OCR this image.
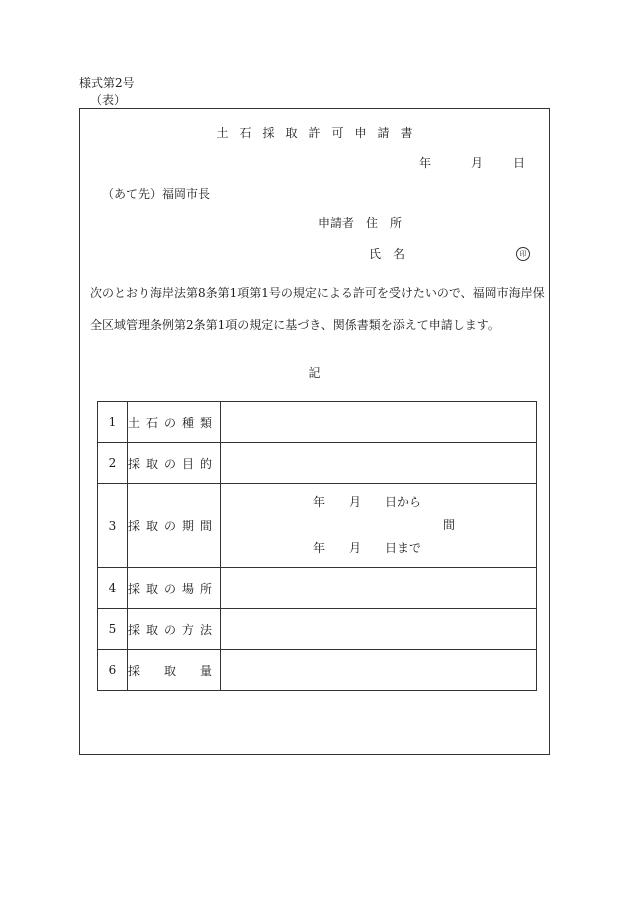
様式第2号
（表）
土石採取許可申請書
年	月	日
（あて先）福岡市長
申請者　住　所
氏　名	印
次のとおり海岸法第8条第1項第1号の規定による許可を受けたいので、福岡市海岸保全区域管理条例第2条第1項の規定に基づき、関係書類を添えて申請します。
記
1	土石の種類	
2	採取の目的	
3	採取の期間	年　　月　　日から
間
年　　月　　日まで

4	採取の場所	
5	採取の方法	
6	採　　取　　量	
